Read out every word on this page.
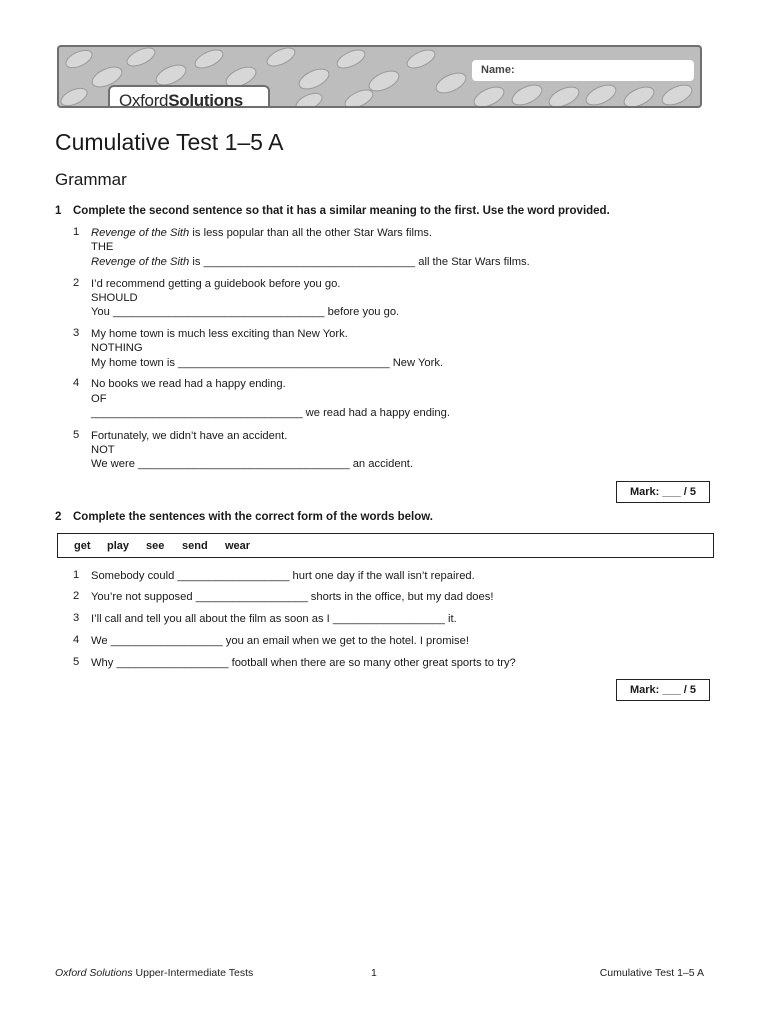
Name:
OxfordSolutions
Cumulative Test 1–5 A
Grammar
1 Complete the second sentence so that it has a similar meaning to the first. Use the word provided.
1 Revenge of the Sith is less popular than all the other Star Wars films.
THE
Revenge of the Sith is __________________________________ all the Star Wars films.
2 I’d recommend getting a guidebook before you go.
SHOULD
You __________________________________ before you go.
3 My home town is much less exciting than New York.
NOTHING
My home town is __________________________________ New York.
4 No books we read had a happy ending.
OF
__________________________________ we read had a happy ending.
5 Fortunately, we didn’t have an accident.
NOT
We were __________________________________ an accident.
Mark: ___ / 5
2 Complete the sentences with the correct form of the words below.
get play see send wear
1 Somebody could __________________ hurt one day if the wall isn’t repaired.
2 You’re not supposed __________________ shorts in the office, but my dad does!
3 I’ll call and tell you all about the film as soon as I __________________ it.
4 We __________________ you an email when we get to the hotel. I promise!
5 Why __________________ football when there are so many other great sports to try?
Mark: ___ / 5
Oxford Solutions Upper-Intermediate Tests	1	Cumulative Test 1–5 A
